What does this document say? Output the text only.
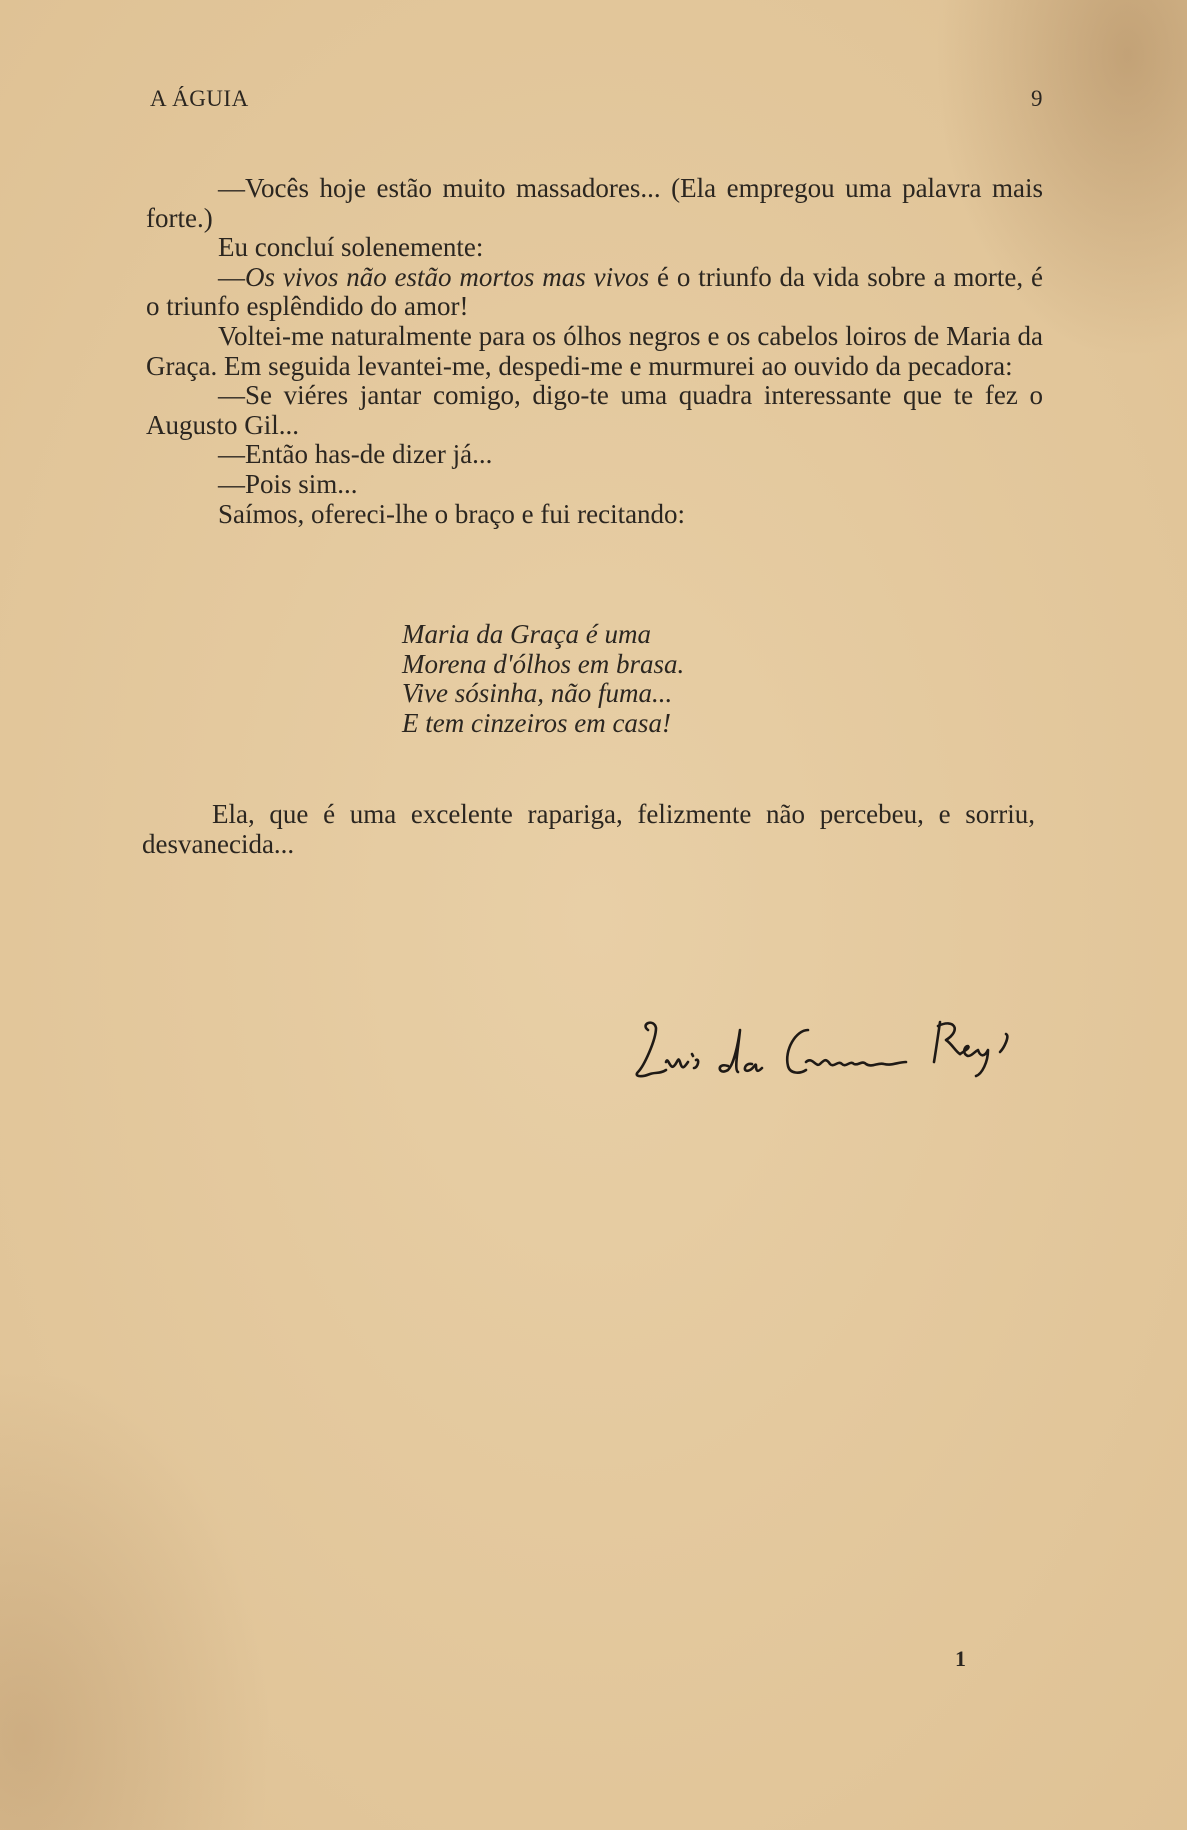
A ÁGUIA	9

—Vocês hoje estão muito massadores... (Ela empregou uma palavra mais forte.)

Eu concluí solenemente:

—Os vivos não estão mortos mas vivos é o triunfo da vida sobre a morte, é o triunfo esplêndido do amor!

Voltei-me naturalmente para os ólhos negros e os cabelos loiros de Maria da Graça. Em seguida levantei-me, despedi-me e murmurei ao ouvido da pecadora:

—Se viéres jantar comigo, digo-te uma quadra interessante que te fez o Augusto Gil...

—Então has-de dizer já...

—Pois sim...

Saímos, ofereci-lhe o braço e fui recitando:

Maria da Graça é uma
Morena d'ólhos em brasa.
Vive sósinha, não fuma...
E tem cinzeiros em casa!

Ela, que é uma excelente rapariga, felizmente não percebeu, e sorriu, desvanecida...

1
